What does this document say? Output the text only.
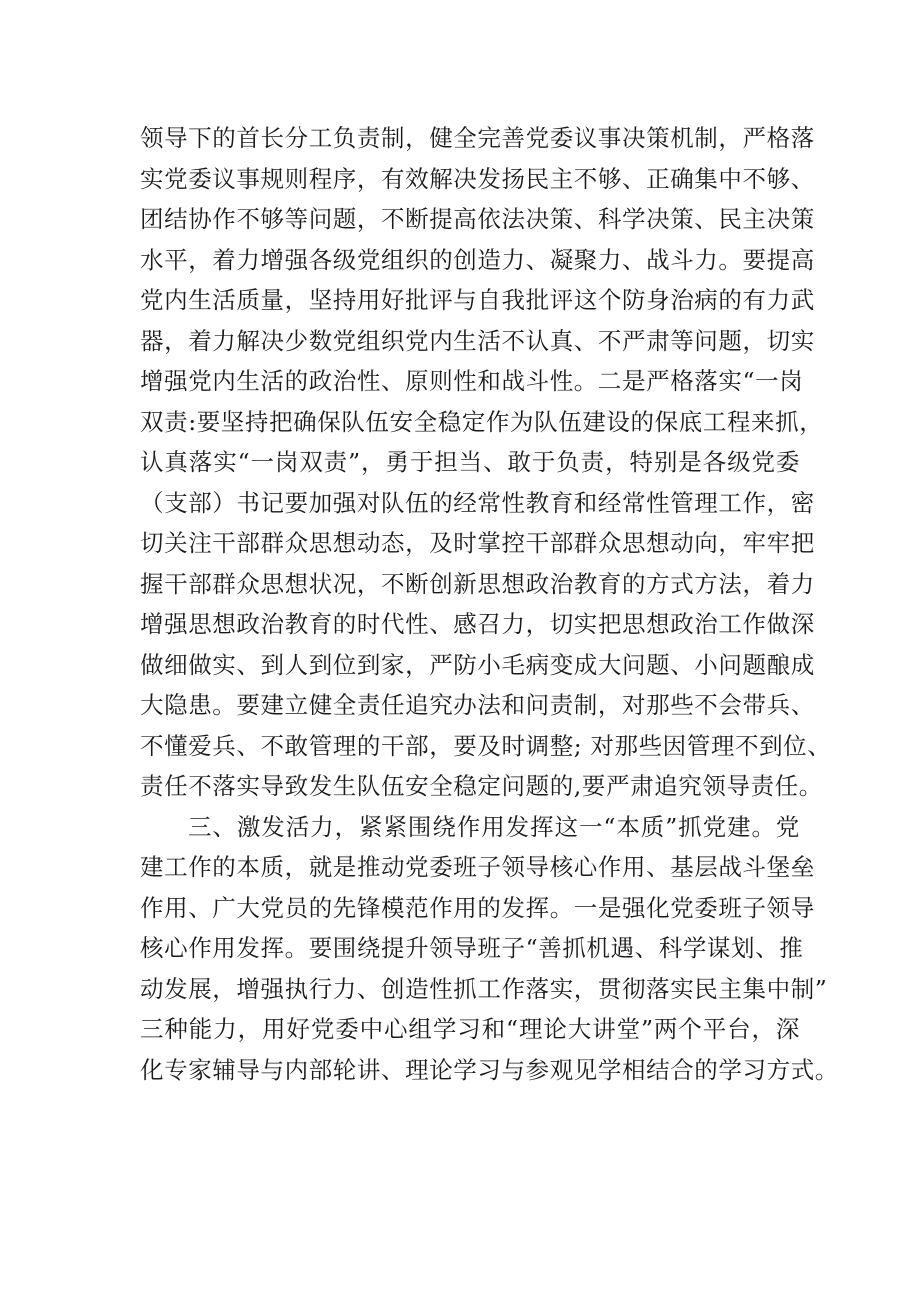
领导下的首长分工负责制，健全完善党委议事决策机制，严格落
实党委议事规则程序，有效解决发扬民主不够、正确集中不够、
团结协作不够等问题，不断提高依法决策、科学决策、民主决策
水平，着力增强各级党组织的创造力、凝聚力、战斗力。要提高
党内生活质量，坚持用好批评与自我批评这个防身治病的有力武
器，着力解决少数党组织党内生活不认真、不严肃等问题，切实
增强党内生活的政治性、原则性和战斗性。二是严格落实“一岗
双责:要坚持把确保队伍安全稳定作为队伍建设的保底工程来抓，
认真落实“一岗双责”，勇于担当、敢于负责，特别是各级党委
（支部）书记要加强对队伍的经常性教育和经常性管理工作，密
切关注干部群众思想动态，及时掌控干部群众思想动向，牢牢把
握干部群众思想状况，不断创新思想政治教育的方式方法，着力
增强思想政治教育的时代性、感召力，切实把思想政治工作做深
做细做实、到人到位到家，严防小毛病变成大问题、小问题酿成
大隐患。要建立健全责任追究办法和问责制，对那些不会带兵、
不懂爱兵、不敢管理的干部，要及时调整; 对那些因管理不到位、
责任不落实导致发生队伍安全稳定问题的,要严肃追究领导责任。
三、激发活力，紧紧围绕作用发挥这一“本质”抓党建。党
建工作的本质，就是推动党委班子领导核心作用、基层战斗堡垒
作用、广大党员的先锋模范作用的发挥。一是强化党委班子领导
核心作用发挥。要围绕提升领导班子“善抓机遇、科学谋划、推
动发展，增强执行力、创造性抓工作落实，贯彻落实民主集中制”
三种能力，用好党委中心组学习和“理论大讲堂”两个平台，深
化专家辅导与内部轮讲、理论学习与参观见学相结合的学习方式。
